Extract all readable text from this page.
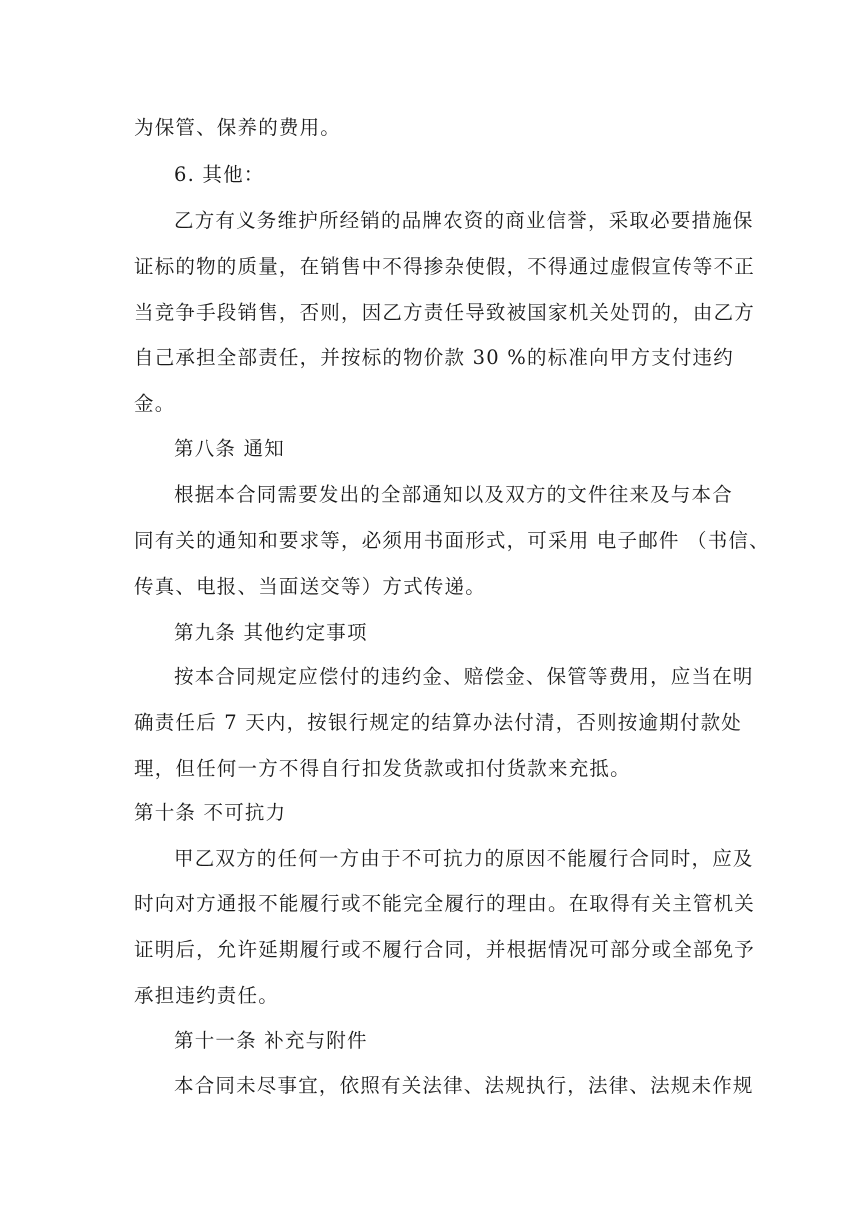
为保管、保养的费用。
6. 其他：
乙方有义务维护所经销的品牌农资的商业信誉，采取必要措施保
证标的物的质量，在销售中不得掺杂使假，不得通过虚假宣传等不正
当竞争手段销售，否则，因乙方责任导致被国家机关处罚的，由乙方
自己承担全部责任，并按标的物价款 30 %的标准向甲方支付违约
金。
第八条 通知
根据本合同需要发出的全部通知以及双方的文件往来及与本合
同有关的通知和要求等，必须用书面形式，可采用 电子邮件 （书信、
传真、电报、当面送交等）方式传递。
第九条 其他约定事项
按本合同规定应偿付的违约金、赔偿金、保管等费用，应当在明
确责任后 7 天内，按银行规定的结算办法付清，否则按逾期付款处
理，但任何一方不得自行扣发货款或扣付货款来充抵。
第十条 不可抗力
甲乙双方的任何一方由于不可抗力的原因不能履行合同时，应及
时向对方通报不能履行或不能完全履行的理由。在取得有关主管机关
证明后，允许延期履行或不履行合同，并根据情况可部分或全部免予
承担违约责任。
第十一条 补充与附件
本合同未尽事宜，依照有关法律、法规执行，法律、法规未作规
